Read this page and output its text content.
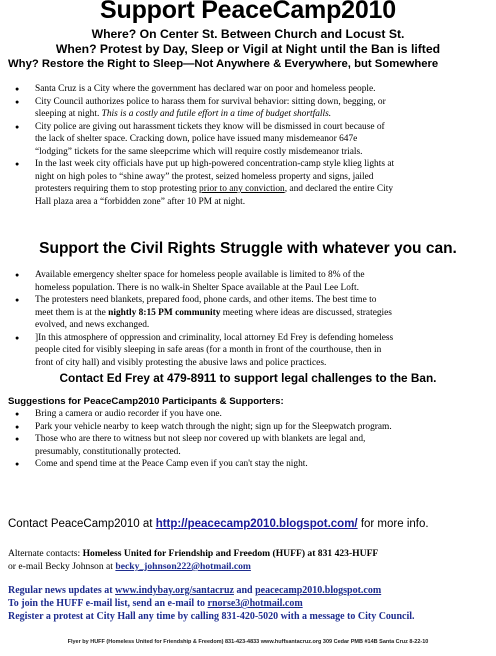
Support PeaceCamp2010
Where? On Center St. Between Church and Locust St.
When? Protest by Day, Sleep or Vigil at Night until the Ban is lifted
Why? Restore the Right to Sleep—Not Anywhere & Everywhere, but Somewhere
● Santa Cruz is a City where the government has declared war on poor and homeless people.
● City Council authorizes police to harass them for survival behavior: sitting down, begging, or
sleeping at night. This is a costly and futile effort in a time of budget shortfalls.
● City police are giving out harassment tickets they know will be dismissed in court because of
the lack of shelter space. Cracking down, police have issued many misdemeanor 647e
“lodging” tickets for the same sleepcrime which will require costly misdemeanor trials.
● In the last week city officials have put up high-powered concentration-camp style klieg lights at
night on high poles to “shine away” the protest, seized homeless property and signs, jailed
protesters requiring them to stop protesting prior to any conviction, and declared the entire City
Hall plaza area a “forbidden zone” after 10 PM at night.
Support the Civil Rights Struggle with whatever you can.
● Available emergency shelter space for homeless people available is limited to 8% of the
homeless population. There is no walk-in Shelter Space available at the Paul Lee Loft.
● The protesters need blankets, prepared food, phone cards, and other items. The best time to
meet them is at the nightly 8:15 PM community meeting where ideas are discussed, strategies
evolved, and news exchanged.
● ]In this atmosphere of oppression and criminality, local attorney Ed Frey is defending homeless
people cited for visibly sleeping in safe areas (for a month in front of the courthouse, then in
front of city hall) and visibly protesting the abusive laws and police practices.
Contact Ed Frey at 479-8911 to support legal challenges to the Ban.
Suggestions for PeaceCamp2010 Participants & Supporters:
● Bring a camera or audio recorder if you have one.
● Park your vehicle nearby to keep watch through the night; sign up for the Sleepwatch program.
● Those who are there to witness but not sleep nor covered up with blankets are legal and,
presumably, constitutionally protected.
● Come and spend time at the Peace Camp even if you can't stay the night.
Contact PeaceCamp2010 at http://peacecamp2010.blogspot.com/ for more info.
Alternate contacts: Homeless United for Friendship and Freedom (HUFF) at 831 423-HUFF
or e-mail Becky Johnson at becky_johnson222@hotmail.com
Regular news updates at www.indybay.org/santacruz and peacecamp2010.blogspot.com
To join the HUFF e-mail list, send an e-mail to rnorse3@hotmail.com
Register a protest at City Hall any time by calling 831-420-5020 with a message to City Council.
Flyer by HUFF (Homeless United for Friendship & Freedom) 831-423-4833 www.huffsantacruz.org 309 Cedar PMB #14B Santa Cruz 8-22-10
